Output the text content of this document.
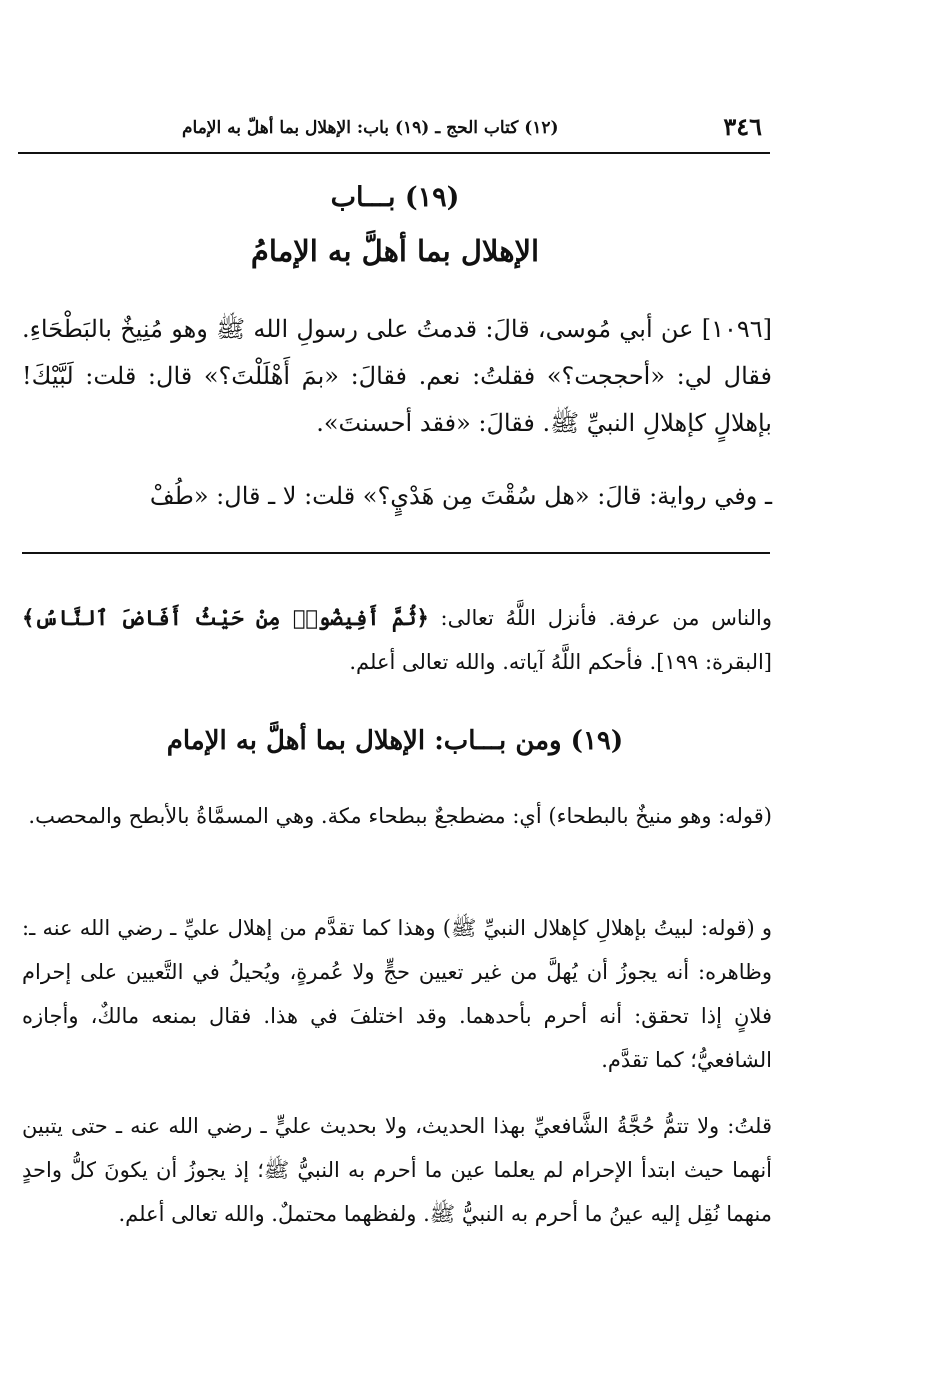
٣٤٦
(١٢) كتاب الحج ـ (١٩) باب: الإهلال بما أهلّ به الإمام
(١٩) بـــاب
الإهلال بما أهلَّ به الإمامُ
[١٠٩٦] عن أبي مُوسى، قالَ: قدمتُ على رسولِ الله ﷺ وهو مُنِيخٌ بالبَطْحَاءِ. فقال لي: «أحججت؟» فقلتُ: نعم. فقالَ: «بمَ أَهْلَلْتَ؟» قال: قلت: لَبَّيْكَ! بإهلالٍ كإهلالِ النبيِّ ﷺ. فقالَ: «فقد أحسنتَ».
ـ وفي رواية: قالَ: «هل سُقْتَ مِن هَدْيٍ؟» قلت: لا ـ قال: «طُفْ
والناس من عرفة. فأنزل اللَّهُ تعالى: ﴿ثُمَّ أَفِيضُوا۟ مِنْ حَيْثُ أَفَاضَ ٱلنَّاسُ﴾ [البقرة: ١٩٩]. فأحكم اللَّهُ آياته. والله تعالى أعلم.
(١٩) ومن بـــاب: الإهلال بما أهلَّ به الإمام
(قوله: وهو منيخٌ بالبطحاء) أي: مضطجعٌ ببطحاء مكة. وهي المسمَّاةُ بالأبطح والمحصب.
و (قوله: لبيتُ بإهلالِ كإهلال النبيِّ ﷺ) وهذا كما تقدَّم من إهلال عليِّ ـ رضي الله عنه ـ: وظاهره: أنه يجوزُ أن يُهلَّ من غير تعيين حجٍّ ولا عُمرةٍ، ويُحيلُ في التَّعيين على إحرام فلانٍ إذا تحقق: أنه أحرم بأحدهما. وقد اختلفَ في هذا. فقال بمنعه مالكٌ، وأجازه الشافعيُّ؛ كما تقدَّم.
قلتُ: ولا تتمُّ حُجَّةُ الشَّافعيِّ بهذا الحديث، ولا بحديث عليٍّ ـ رضي الله عنه ـ حتى يتبين أنهما حيث ابتدأ الإحرام لم يعلما عين ما أحرم به النبيُّ ﷺ؛ إذ يجوزُ أن يكونَ كلُّ واحدٍ منهما نُقِل إليه عينُ ما أحرم به النبيُّ ﷺ. ولفظهما محتملٌ. والله تعالى أعلم.
